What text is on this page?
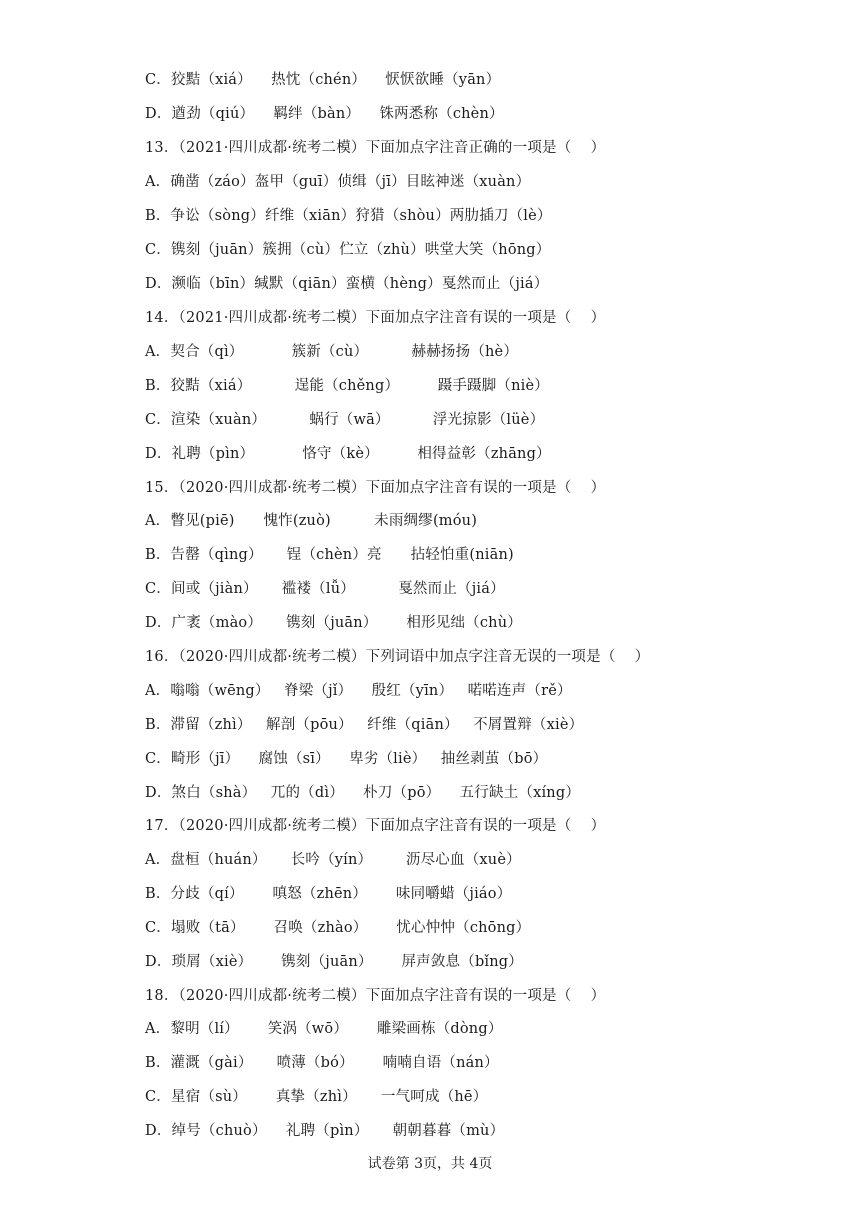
C．狡黠（xiá）    热忱（chén）    恹恹欲睡（yān）
D．遒劲（qiú）    羁绊（bàn）    铢两悉称（chèn）
13．（2021·四川成都·统考二模）下面加点字注音正确的一项是（    ）
A．确凿（záo）盔甲（guī）侦缉（jī）目眩神迷（xuàn）
B．争讼（sòng）纤维（xiān）狩猎（shòu）两肋插刀（lè）
C．镌刻（juān）簇拥（cù）伫立（zhù）哄堂大笑（hōng）
D．濒临（bīn）缄默（qiān）蛮横（hèng）戛然而止（jiá）
14．（2021·四川成都·统考二模）下面加点字注音有误的一项是（    ）
A．契合（qì）          簇新（cù）         赫赫扬扬（hè）
B．狡黠（xiá）         逞能（chěng）        蹑手蹑脚（niè）
C．渲染（xuàn）         蜗行（wā）         浮光掠影（lüè）
D．礼聘（pìn）          恪守（kè）        相得益彰（zhāng）
15．（2020·四川成都·统考二模）下面加点字注音有误的一项是（    ）
A．瞥见(piē)      愧怍(zuò)         未雨绸缪(móu)
B．告罄（qìng）     锃（chèn）亮      拈轻怕重(niān)
C．间或（jiàn）     褴褛（lǚ）         戛然而止（jiá）
D．广袤（mào）     镌刻（juān）      相形见绌（chù）
16．（2020·四川成都·统考二模）下列词语中加点字注音无误的一项是（    ）
A．嗡嗡（wēng）   脊梁（jǐ）    殷红（yīn）   喏喏连声（rě）
B．滞留（zhì）   解剖（pōu）   纤维（qiān）   不屑置辩（xiè）
C．畸形（jī）    腐蚀（sī）    卑劣（liè）   抽丝剥茧（bō）
D．煞白（shà）   兀的（dì）    朴刀（pō）    五行缺土（xíng）
17．（2020·四川成都·统考二模）下面加点字注音有误的一项是（    ）
A．盘桓（huán）     长吟（yín）       沥尽心血（xuè）
B．分歧（qí）      嗔怒（zhēn）      味同嚼蜡（jiáo）
C．塌败（tā）      召唤（zhào）      忧心忡忡（chōng）
D．琐屑（xiè）      镌刻（juān）      屏声敛息（bǐng）
18．（2020·四川成都·统考二模）下面加点字注音有误的一项是（    ）
A．黎明（lí）      笑涡（wō）      雕梁画栋（dòng）
B．灌溉（gài）     喷薄（bó）      喃喃自语（nán）
C．星宿（sù）      真挚（zhì）     一气呵成（hē）
D．绰号（chuò）    礼聘（pìn）     朝朝暮暮（mù）
试卷第 3页，共 4页
